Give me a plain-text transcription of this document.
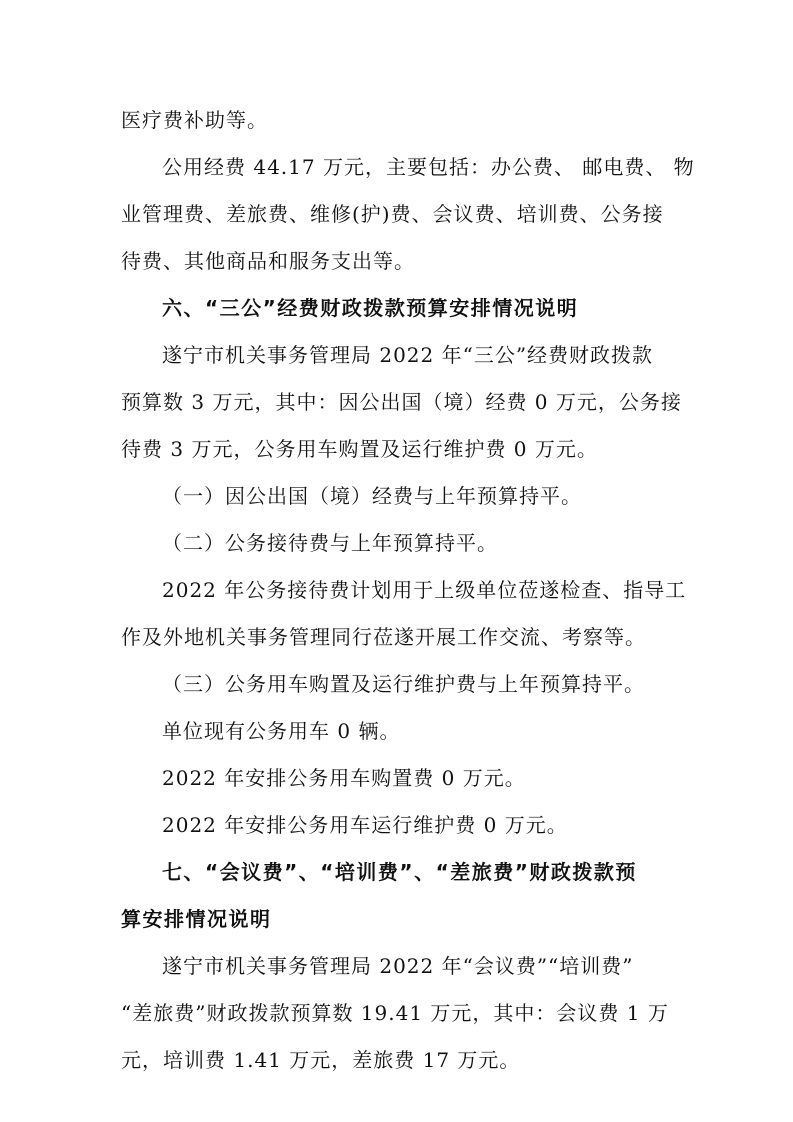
医疗费补助等。
公用经费 44.17 万元，主要包括：办公费、 邮电费、 物
业管理费、差旅费、维修(护)费、会议费、培训费、公务接
待费、其他商品和服务支出等。
六、“三公”经费财政拨款预算安排情况说明
遂宁市机关事务管理局 2022 年“三公”经费财政拨款
预算数 3 万元，其中：因公出国（境）经费 0 万元，公务接
待费 3 万元，公务用车购置及运行维护费 0 万元。
（一）因公出国（境）经费与上年预算持平。
（二）公务接待费与上年预算持平。
2022 年公务接待费计划用于上级单位莅遂检查、指导工
作及外地机关事务管理同行莅遂开展工作交流、考察等。
（三）公务用车购置及运行维护费与上年预算持平。
单位现有公务用车 0 辆。
2022 年安排公务用车购置费 0 万元。
2022 年安排公务用车运行维护费 0 万元。
七、“会议费”、“培训费”、“差旅费”财政拨款预
算安排情况说明
遂宁市机关事务管理局 2022 年“会议费”“培训费”
“差旅费”财政拨款预算数 19.41 万元，其中：会议费 1 万
元，培训费 1.41 万元，差旅费 17 万元。
